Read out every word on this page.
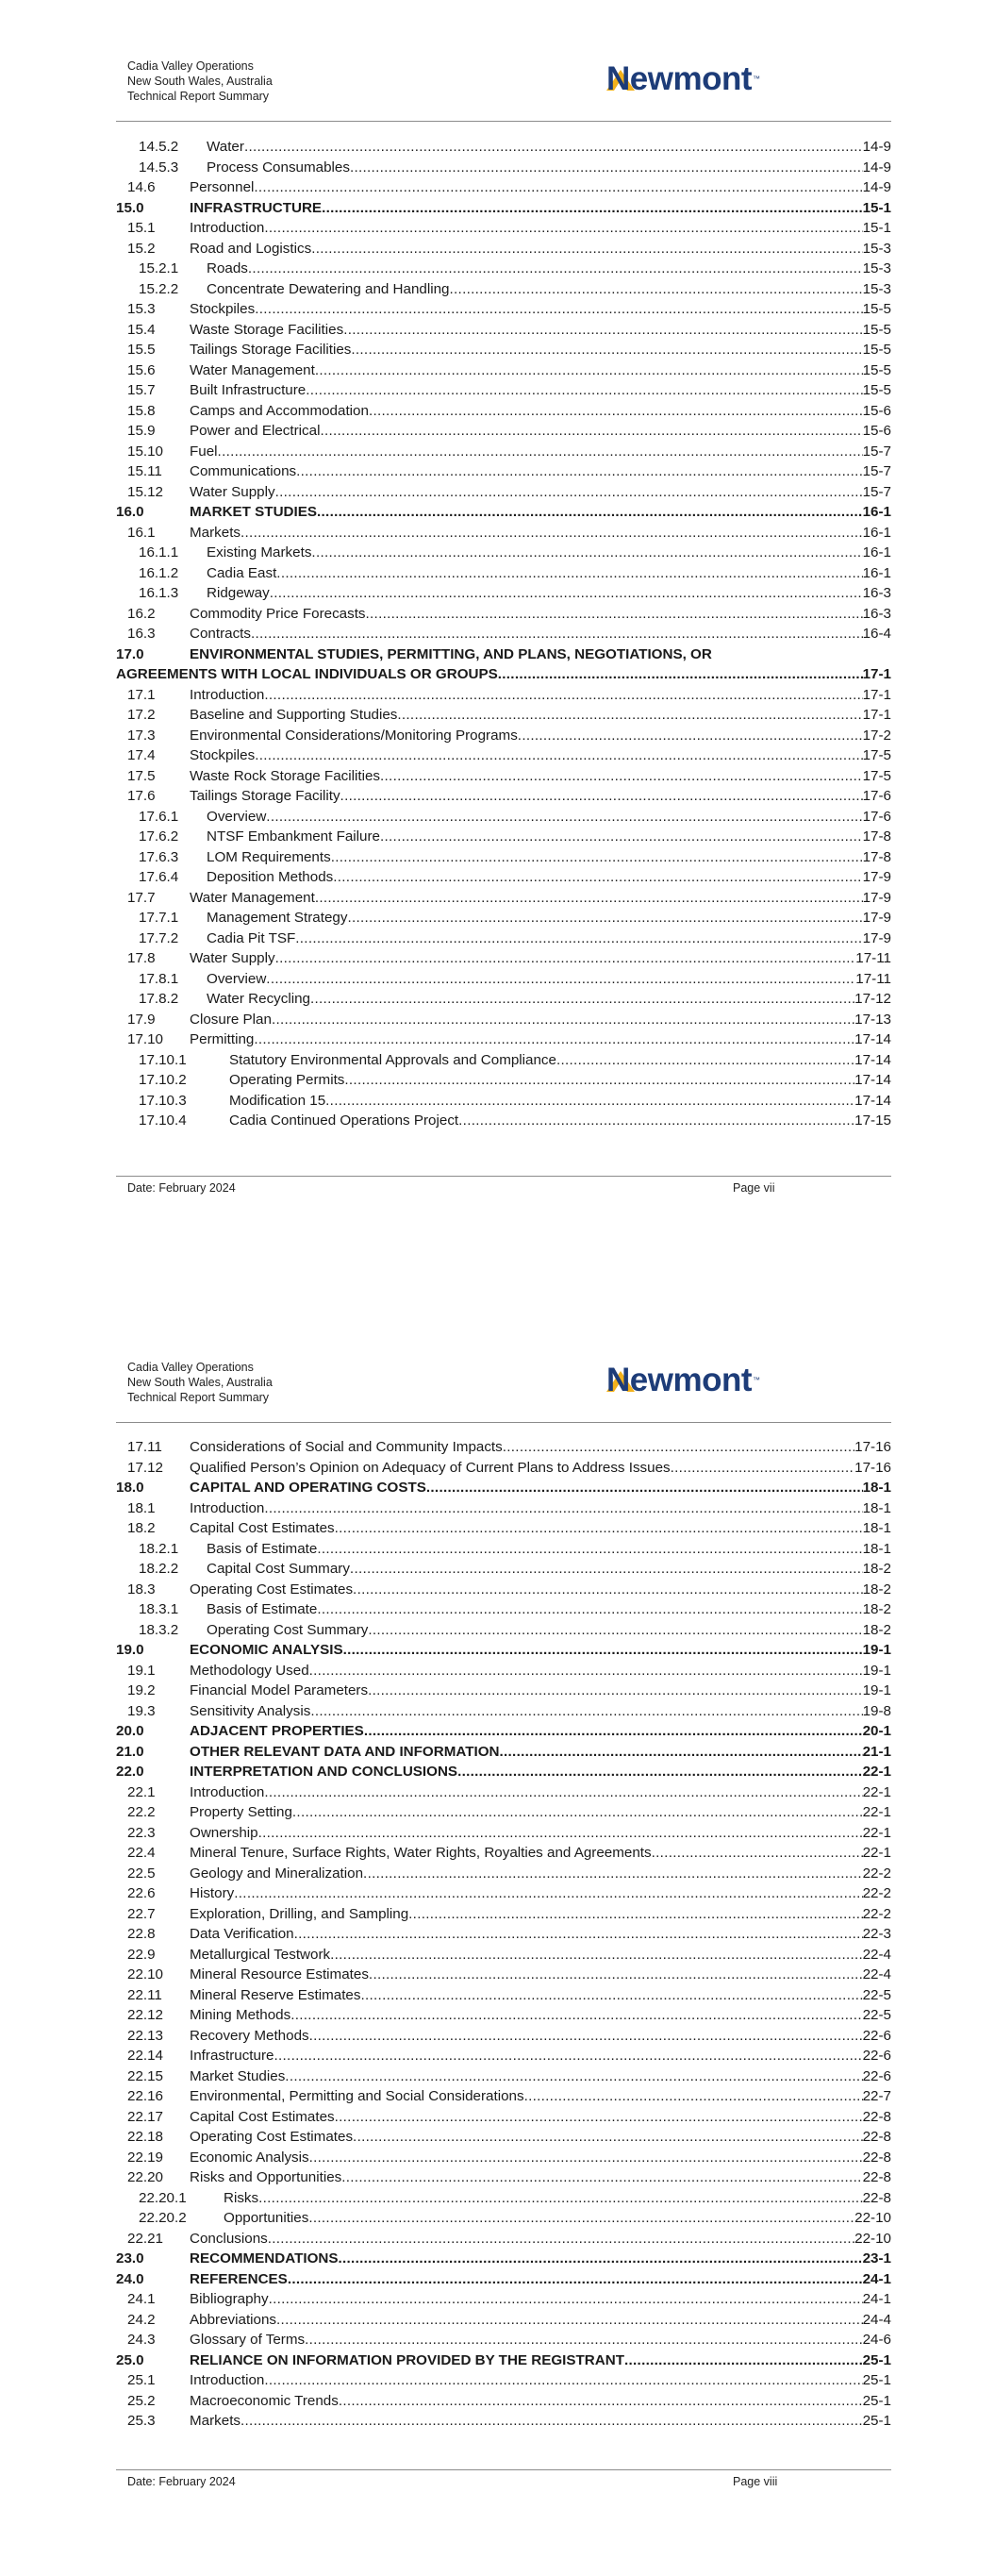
Cadia Valley Operations
New South Wales, Australia
Technical Report Summary	Newmont™
14.5.2	Water .....	14-9
14.5.3	Process Consumables .....	14-9
14.6	Personnel .....	14-9
15.0	INFRASTRUCTURE .....	15-1
15.1	Introduction .....	15-1
15.2	Road and Logistics .....	15-3
15.2.1	Roads .....	15-3
15.2.2	Concentrate Dewatering and Handling .....	15-3
15.3	Stockpiles .....	15-5
15.4	Waste Storage Facilities .....	15-5
15.5	Tailings Storage Facilities .....	15-5
15.6	Water Management .....	15-5
15.7	Built Infrastructure .....	15-5
15.8	Camps and Accommodation .....	15-6
15.9	Power and Electrical .....	15-6
15.10	Fuel .....	15-7
15.11	Communications .....	15-7
15.12	Water Supply .....	15-7
16.0	MARKET STUDIES .....	16-1
16.1	Markets .....	16-1
16.1.1	Existing Markets .....	16-1
16.1.2	Cadia East .....	16-1
16.1.3	Ridgeway .....	16-3
16.2	Commodity Price Forecasts .....	16-3
16.3	Contracts .....	16-4
17.0	ENVIRONMENTAL STUDIES, PERMITTING, AND PLANS, NEGOTIATIONS, OR
AGREEMENTS WITH LOCAL INDIVIDUALS OR GROUPS .....	17-1
17.1	Introduction .....	17-1
17.2	Baseline and Supporting Studies .....	17-1
17.3	Environmental Considerations/Monitoring Programs .....	17-2
17.4	Stockpiles .....	17-5
17.5	Waste Rock Storage Facilities .....	17-5
17.6	Tailings Storage Facility .....	17-6
17.6.1	Overview .....	17-6
17.6.2	NTSF Embankment Failure .....	17-8
17.6.3	LOM Requirements .....	17-8
17.6.4	Deposition Methods .....	17-9
17.7	Water Management .....	17-9
17.7.1	Management Strategy .....	17-9
17.7.2	Cadia Pit TSF .....	17-9
17.8	Water Supply .....	17-11
17.8.1	Overview .....	17-11
17.8.2	Water Recycling .....	17-12
17.9	Closure Plan .....	17-13
17.10	Permitting .....	17-14
17.10.1	Statutory Environmental Approvals and Compliance .....	17-14
17.10.2	Operating Permits .....	17-14
17.10.3	Modification 15 .....	17-14
17.10.4	Cadia Continued Operations Project .....	17-15
Date: February 2024	Page vii
Cadia Valley Operations
New South Wales, Australia
Technical Report Summary	Newmont™
17.11	Considerations of Social and Community Impacts .....	17-16
17.12	Qualified Person’s Opinion on Adequacy of Current Plans to Address Issues .....	17-16
18.0	CAPITAL AND OPERATING COSTS .....	18-1
18.1	Introduction .....	18-1
18.2	Capital Cost Estimates .....	18-1
18.2.1	Basis of Estimate .....	18-1
18.2.2	Capital Cost Summary .....	18-2
18.3	Operating Cost Estimates .....	18-2
18.3.1	Basis of Estimate .....	18-2
18.3.2	Operating Cost Summary .....	18-2
19.0	ECONOMIC ANALYSIS .....	19-1
19.1	Methodology Used .....	19-1
19.2	Financial Model Parameters .....	19-1
19.3	Sensitivity Analysis .....	19-8
20.0	ADJACENT PROPERTIES .....	20-1
21.0	OTHER RELEVANT DATA AND INFORMATION .....	21-1
22.0	INTERPRETATION AND CONCLUSIONS .....	22-1
22.1	Introduction .....	22-1
22.2	Property Setting .....	22-1
22.3	Ownership .....	22-1
22.4	Mineral Tenure, Surface Rights, Water Rights, Royalties and Agreements .....	22-1
22.5	Geology and Mineralization .....	22-2
22.6	History .....	22-2
22.7	Exploration, Drilling, and Sampling .....	22-2
22.8	Data Verification .....	22-3
22.9	Metallurgical Testwork .....	22-4
22.10	Mineral Resource Estimates .....	22-4
22.11	Mineral Reserve Estimates .....	22-5
22.12	Mining Methods .....	22-5
22.13	Recovery Methods .....	22-6
22.14	Infrastructure .....	22-6
22.15	Market Studies .....	22-6
22.16	Environmental, Permitting and Social Considerations .....	22-7
22.17	Capital Cost Estimates .....	22-8
22.18	Operating Cost Estimates .....	22-8
22.19	Economic Analysis .....	22-8
22.20	Risks and Opportunities .....	22-8
22.20.1	Risks .....	22-8
22.20.2	Opportunities .....	22-10
22.21	Conclusions .....	22-10
23.0	RECOMMENDATIONS .....	23-1
24.0	REFERENCES .....	24-1
24.1	Bibliography .....	24-1
24.2	Abbreviations .....	24-4
24.3	Glossary of Terms .....	24-6
25.0	RELIANCE ON INFORMATION PROVIDED BY THE REGISTRANT .....	25-1
25.1	Introduction .....	25-1
25.2	Macroeconomic Trends .....	25-1
25.3	Markets .....	25-1
Date: February 2024	Page viii
